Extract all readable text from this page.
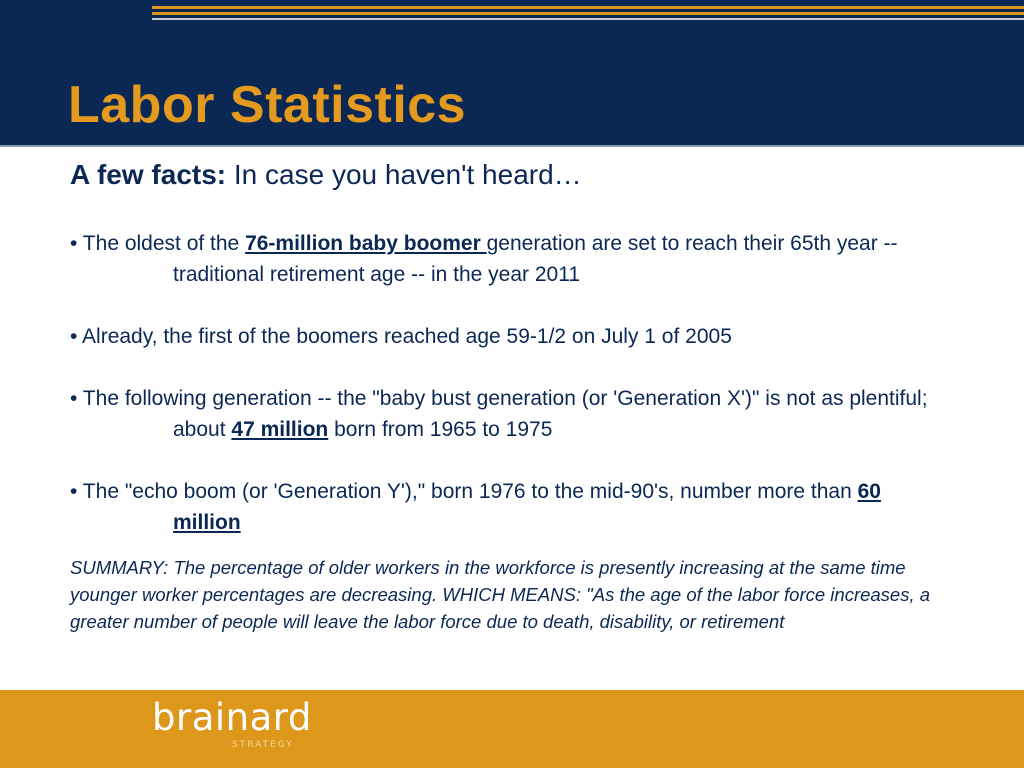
Labor Statistics

A few facts: In case you haven't heard…

• The oldest of the 76-million baby boomer generation are set to reach their 65th year -- traditional retirement age -- in the year 2011

• Already, the first of the boomers reached age 59-1/2 on July 1 of 2005

• The following generation -- the "baby bust generation (or 'Generation X')" is not as plentiful; about 47 million born from 1965 to 1975

• The "echo boom (or 'Generation Y')," born 1976 to the mid-90's, number more than 60 million

SUMMARY: The percentage of older workers in the workforce is presently increasing at the same time younger worker percentages are decreasing. WHICH MEANS: "As the age of the labor force increases, a greater number of people will leave the labor force due to death, disability, or retirement

brainard
STRATEGY
